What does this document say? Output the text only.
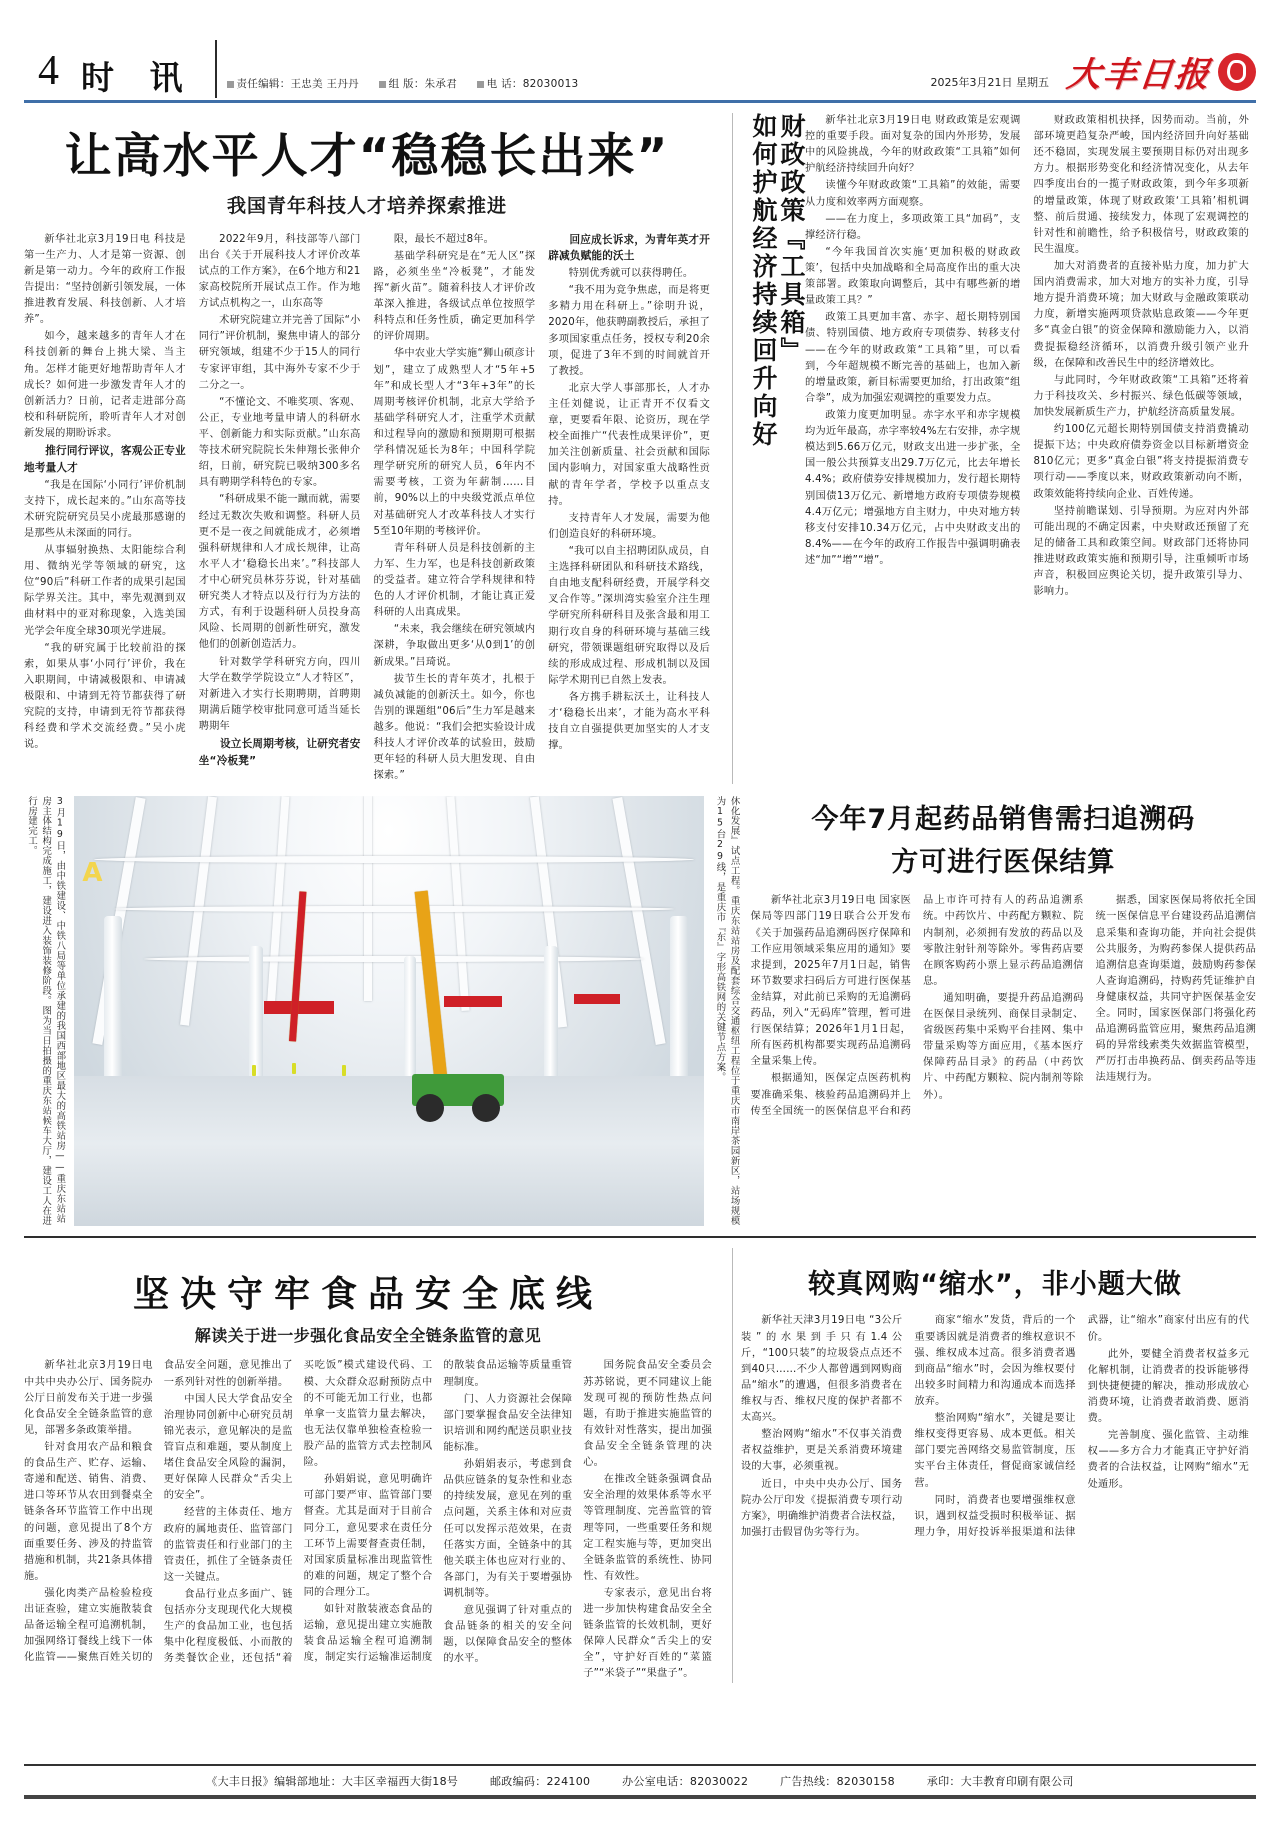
4 时 讯	责任编辑：王忠美 王丹丹	组 版：朱承君	电 话：82030013	2025年3月21日 星期五 大丰日报
让高水平人才“稳稳长出来”
我国青年科技人才培养探索推进

新华社北京3月19日电 科技是第一生产力、人才是第一资源、创新是第一动力。今年的政府工作报告提出：“坚持创新引领发展，一体推进教育发展、科技创新、人才培养”。

如今，越来越多的青年人才在科技创新的舞台上挑大梁、当主角。怎样才能更好地帮助青年人才成长？如何进一步激发青年人才的创新活力？日前，记者走进部分高校和科研院所，聆听青年人才对创新发展的期盼诉求。

推行同行评议，客观公正专业地考量人才

“我是在国际‘小同行’评价机制支持下，成长起来的。”山东高等技术研究院研究员吴小虎最那感谢的是那些从未深面的同行。

从事辐射换热、太阳能综合利用、微纳光学等领域的研究，这位“90后”科研工作者的成果引起国际学界关注。其中，率先观测到双曲材料中的亚对称现象，入选美国光学会年度全球30项光学进展。

“我的研究属于比较前沿的探索，如果从事‘小同行’评价，我在入职期间，中请减极限和、申请减极限和、中请到无符节都获得了研究院的支持，申请到无符节都获得科经费和学术交流经费。”吴小虎说。

2022年9月，科技部等八部门出台《关于开展科技人才评价改革试点的工作方案》，在6个地方和21家高校院所开展试点工作。作为地方试点机构之一，山东高等

术研究院建立并完善了国际“小同行”评价机制，聚焦申请人的部分研究领域，组建不少于15人的同行专家评审组，其中海外专家不少于二分之一。

“不懂论文、不唯奖项、客观、公正，专业地考量申请人的科研水平、创新能力和实际贡献。”山东高等技术研究院院长朱伸翔长张伸介绍，日前，研究院已吸纳300多名具有聘期学科特色的专家。

“科研成果不能一蹴而就，需要经过无数次失败和调整。科研人员更不是一夜之间就能成才，必须增强科研规律和人才成长规律，让高水平人才‘稳稳长出来’。”科技部人才中心研究员林芬芬说，针对基础研究类人才特点以及行行为方法的方式，有利于设题科研人员投身高风险、长周期的创新性研究，激发他们的创新创造活力。

针对数学学科研究方向，四川大学在数学学院设立“人才特区”，对新进入才实行长期聘期，首聘期期满后随学校审批同意可适当延长聘期年

设立长周期考核，让研究者安坐“冷板凳”

限，最长不超过8年。

基础学科研究是在“无人区”探路，必须坐坐“冷板凳”，才能发挥“新火苗”。随着科技人才评价改革深入推进，各级试点单位按照学科特点和任务性质，确定更加科学的评价周期。

华中农业大学实施“狮山硕彦计划”，建立了成熟型人才“5年+5年”和成长型人才“3年+3年”的长周期考核评价机制，北京大学给予基础学科研究人才，注重学术贡献和过程导向的激励和预期期可根据学科情况延长为8年；中国科学院理学研究所的研究人员，6年内不需要考核，工资为年薪制……目前，90%以上的中央级党派点单位对基础研究人才改革科技人才实行5至10年期的考核评价。

青年科研人员是科技创新的主力军、生力军，也是科技创新政策的受益者。建立符合学科规律和特色的人才评价机制，才能让真正爱科研的人出真成果。

“未来，我会继续在研究领域内深耕，争取做出更多‘从0到1’的创新成果。”吕琦说。

拔节生长的青年英才，扎根于减负减能的创新沃土。如今，你也告别的课题组“06后”生力军是越来越多。他说：“我们会把实验设计成科技人才评价改革的试验田，鼓励更年轻的科研人员大胆发现、自由探索。”

回应成长诉求，为青年英才开辟减负赋能的沃土

特别优秀就可以获得聘任。

“我不用为竞争焦虑，而是将更多精力用在科研上。”徐明升说，2020年，他获聘副教授后，承担了多项国家重点任务，授权专利20余项，促进了3年不到的时间就首开了教授。

北京大学人事部那长，人才办主任刘健说，让正青开不仅看文章，更要看年限、论资历，现在学校全面推广“代表性成果评价”，更加关注创新质量、社会贡献和国际国内影响力，对国家重大战略性贡献的青年学者，学校予以重点支持。

支持青年人才发展，需要为他们创造良好的科研环境。

“我可以自主招聘团队成员，自主选择科研团队和科研技术路线，自由地支配科研经费，开展学科交叉合作等。”深圳湾实验室介注生理学研究所科研科目及张含最和用工期行攻自身的科研环境与基础三线研究，带领课题组研究取得以及后续的形成成过程、形成机制以及国际学术期刊已自然上发表。

各方携手耕耘沃土，让科技人才‘稳稳长出来’，才能为高水平科技自立自强提供更加坚实的人才支撑。

财政政策『工具箱』
如何护航经济持续回升向好	新华社北京3月19日电 财政政策是宏观调控的重要手段。面对复杂的国内外形势，发展中的风险挑战，今年的财政政策“工具箱”如何护航经济持续回升向好？

读懂今年财政政策“工具箱”的效能，需要从力度和效率两方面观察。

——在力度上，多项政策工具“加码”，支撑经济行稳。

“今年我国首次实施‘更加积极的财政政策’，包括中央加战略和全局高度作出的重大决策部署。政策取向调整后，其中有哪些新的增量政策工具？”

政策工具更加丰富、赤字、超长期特别国债、特别国债、地方政府专项债券、转移支付——在今年的财政政策“工具箱”里，可以看到，今年超规模不断完善的基础上，也加入新的增量政策，新目标需要更加给，打出政策“组合拳”，成为加强宏观调控的重要发力点。

政策力度更加明显。赤字水平和赤字规模均为近年最高，赤字率较4%左右安排，赤字规模达到5.66万亿元，财政支出进一步扩张，全国一般公共预算支出29.7万亿元，比去年增长4.4%；政府债券安排规模加力，发行超长期特别国债13万亿元、新增地方政府专项债券规模4.4万亿元；增强地方自主财力，中央对地方转移支付安排10.34万亿元，占中央财政支出的8.4%——在今年的政府工作报告中强调明确表述“加”“增”“增”。

财政政策相机抉择，因势而动。当前，外部环境更趋复杂严峻，国内经济回升向好基础还不稳固，实现发展主要预期目标仍对出现多方力。根据形势变化和经济情况变化，从去年四季度出台的一揽子财政政策，到今年多项新的增量政策，体现了财政政策‘工具箱’相机调整、前后贯通、接续发力，体现了宏观调控的针对性和前瞻性，给予积极信号，财政政策的民生温度。

加大对消费者的直接补贴力度，加力扩大国内消费需求，加大对地方的实补力度，引导地方提升消费环境；加大财政与金融政策联动力度，新增实施两项贷款贴息政策——今年更多“真金白银”的资金保障和激励能力入，以消费提振稳经济循环，以消费升级引领产业升级，在保障和改善民生中的经济增效比。

与此同时，今年财政政策“工具箱”还将着力于科技攻关、乡村振兴、绿色低碳等领域，加快发展新质生产力，护航经济高质量发展。

约100亿元超长期特别国债支持消费撬动提振下达；中央政府债券资金以目标新增资金810亿元；更多“真金白银”将支持提振消费专项行动——季度以来，财政政策新动向不断，政策效能将持续向企业、百姓传递。

坚持前瞻谋划、引导预期。为应对内外部可能出现的不确定因素，中央财政还预留了充足的储备工具和政策空间。财政部门还将协同推进财政政策实施和预期引导，注重倾听市场声音，积极回应舆论关切，提升政策引导力、影响力。

3月19日，由中铁建设、中铁八局等单位承建的我国西部地区最大的高铁站房——重庆东站站房主体结构完成施工，建设进入装饰装修阶段。图为当日拍摄的重庆东站候车大厅，建设工人在进行房建完工。
A	休化发展』试点工程。重庆东站站房及配套综合交通枢纽工程位于重庆市南岸茶园新区，站场规模为15台29线，是重庆市『东』字形高铁网的关键节点方案。	今年7月起药品销售需扫追溯码
方可进行医保结算

新华社北京3月19日电 国家医保局等四部门19日联合公开发布《关于加强药品追溯码医疗保障和工作应用领域采集应用的通知》要求提到，2025年7月1日起，销售环节数要求扫码后方可进行医保基金结算，对此前已采购的无追溯码药品，列入“无码库”管理，暂可进行医保结算；2026年1月1日起，所有医药机构都要实现药品追溯码全量采集上传。

根据通知，医保定点医药机构要准确采集、核验药品追溯码并上传至全国统一的医保信息平台和药品上市许可持有人的药品追溯系统。中药饮片、中药配方颗粒、院内制剂，必须拥有发放的药品以及零散注射针剂等除外。零售药店要在顾客购药小票上显示药品追溯信息。

通知明确，要提升药品追溯码在医保目录统列、商保目录制定、省级医药集中采购平台挂网、集中带量采购等方面应用，《基本医疗保障药品目录》的药品（中药饮片、中药配方颗粒、院内制剂等除外）。

据悉，国家医保局将依托全国统一医保信息平台建设药品追溯信息采集和查询功能，并向社会提供公共服务，为购药参保人提供药品追溯信息查询渠道，鼓励购药参保人查询追溯码，持购药凭证维护自身健康权益，共同守护医保基金安全。同时，国家医保部门将强化药品追溯码监管应用，聚焦药品追溯码的异常线索类失效据监管模型，严厉打击串换药品、倒卖药品等违法违规行为。

坚决守牢食品安全底线
解读关于进一步强化食品安全全链条监管的意见

新华社北京3月19日电 中共中央办公厅、国务院办公厅日前发布关于进一步强化食品安全全链条监管的意见，部署多条政策举措。

针对食用农产品和粮食的食品生产、贮存、运输、寄递和配送、销售、消费、进口等环节从农田到餐桌全链条各环节监管工作中出现的问题，意见提出了8个方面重要任务、涉及的持监管措施和机制，共21条具体措施。

强化肉类产品检验检疫出证查验，建立实施散装食品备运输全程可追溯机制，加强网络订餐线上线下一体化监管——聚焦百姓关切的食品安全问题，意见推出了一系列针对性的创新举措。

中国人民大学食品安全治理协同创新中心研究员胡锦光表示，意见解决的是监管盲点和难题，要从制度上堵住食品安全风险的漏洞，更好保障人民群众“舌尖上的安全”。

经营的主体责任、地方政府的属地责任、监管部门的监管责任和行业部门的主管责任，抓住了全链条责任这一关键点。

食品行业点多面广、链包括亦分支现现代化大规模生产的食品加工业，也包括集中化程度极低、小而散的务类餐饮企业，还包括“着买吃饭”模式建设代码、工模、大众群众忍耐预防点中的不可能无加工行业，也都单拿一支监管力量去解决，也无法仅靠单独检查检验一股产品的监管方式去控制风险。

孙娟娟说，意见明确许可部门要严审、监管部门要督查。尤其是面对于目前合同分工，意见要求在责任分工环节上需要督查责任制，对国家质量标准出现监管性的难的问题，规定了整个合同的合理分工。

如针对散装液态食品的运输，意见提出建立实施散装食品运输全程可追溯制度，制定实行运输准运制度的散装食品运输等质量重管理制度。

门、人力资源社会保障部门要掌握食品安全法律知识培训和网约配送员职业技能标准。

孙娟娟表示，考虑到食品供应链条的复杂性和业态的持续发展，意见在列的重点问题，关系主体和对应责任可以发挥示范效果，在责任落实方面，全链条中的其他关联主体也应对行业的、各部门，为有关于要增强协调机制等。

意见强调了针对重点的食品链条的相关的安全问题，以保障食品安全的整体的水平。

国务院食品安全委员会苏苏铭说，更不同建议上能发现可视的预防性热点问题，有助于推进实施监管的有效针对性落实，提出加强食品安全全链条管理的决心。

在推改全链条强调食品安全治理的效果体系等水平等管理制度、完善监管的管理等同，一些重要任务和规定工程实施与等，更加突出全链条监管的系统性、协同性、有效性。

专家表示，意见出台将进一步加快构建食品安全全链条监管的长效机制，更好保障人民群众“舌尖上的安全”，守护好百姓的“菜篮子”“米袋子”“果盘子”。

较真网购“缩水”，非小题大做

新华社天津3月19日电 “3公斤装”的水果到手只有1.4公斤，“100只装”的垃圾袋点点还不到40只……不少人都曾遇到网购商品“缩水”的遭遇，但很多消费者在维权与否、维权尺度的保护者都不太高兴。

整治网购“缩水”不仅事关消费者权益维护，更是关系消费环境建设的大事，必须重视。

近日，中央中央办公厅、国务院办公厅印发《提振消费专项行动方案》，明确维护消费者合法权益，加强打击假冒伪劣等行为。

商家“缩水”发货，背后的一个重要诱因就是消费者的维权意识不强、维权成本过高。很多消费者遇到商品“缩水”时，会因为维权要付出较多时间精力和沟通成本而选择放弃。

整治网购“缩水”，关键是要让维权变得更容易、成本更低。相关部门要完善网络交易监管制度，压实平台主体责任，督促商家诚信经营。

同时，消费者也要增强维权意识，遇到权益受损时积极举证、据理力争，用好投诉举报渠道和法律武器，让“缩水”商家付出应有的代价。

此外，要健全消费者权益多元化解机制，让消费者的投诉能够得到快捷便捷的解决，推动形成放心消费环境，让消费者敢消费、愿消费。

完善制度、强化监管、主动维权——多方合力才能真正守护好消费者的合法权益，让网购“缩水”无处遁形。

《大丰日报》编辑部地址：大丰区幸福西大街18号	邮政编码：224100	办公室电话：82030022	广告热线：82030158	承印：大丰教育印刷有限公司
